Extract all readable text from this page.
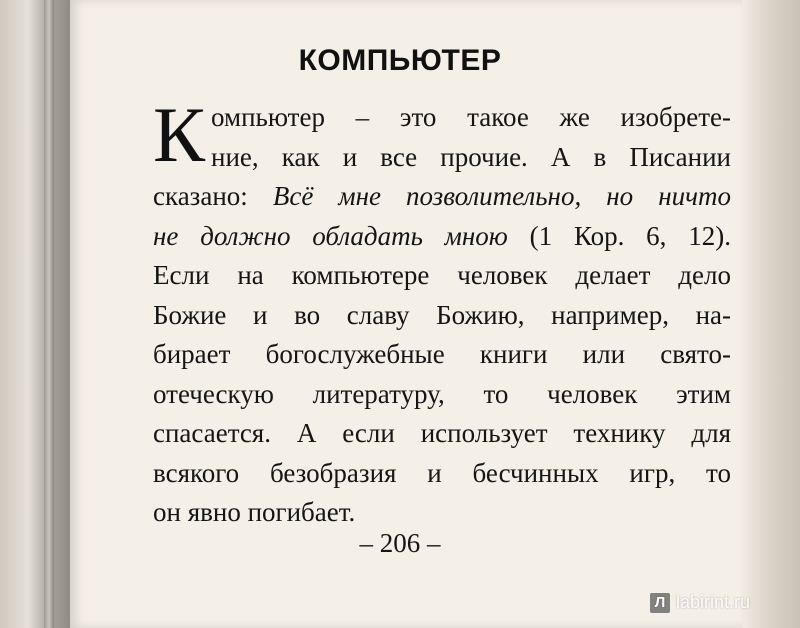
КОМПЬЮТЕР
К омпьютер – это такое же изобрете-
ние, как и все прочие. А в Писании
сказано: Всё мне позволительно, но ничто
не должно обладать мною (1 Кор. 6, 12).
Если на компьютере человек делает дело
Божие и во славу Божию, например, на-
бирает богослужебные книги или свято-
отеческую литературу, то человек этим
спасается. А если использует технику для
всякого безобразия и бесчинных игр, то
он явно погибает.
– 206 –
Л labirint.ru
